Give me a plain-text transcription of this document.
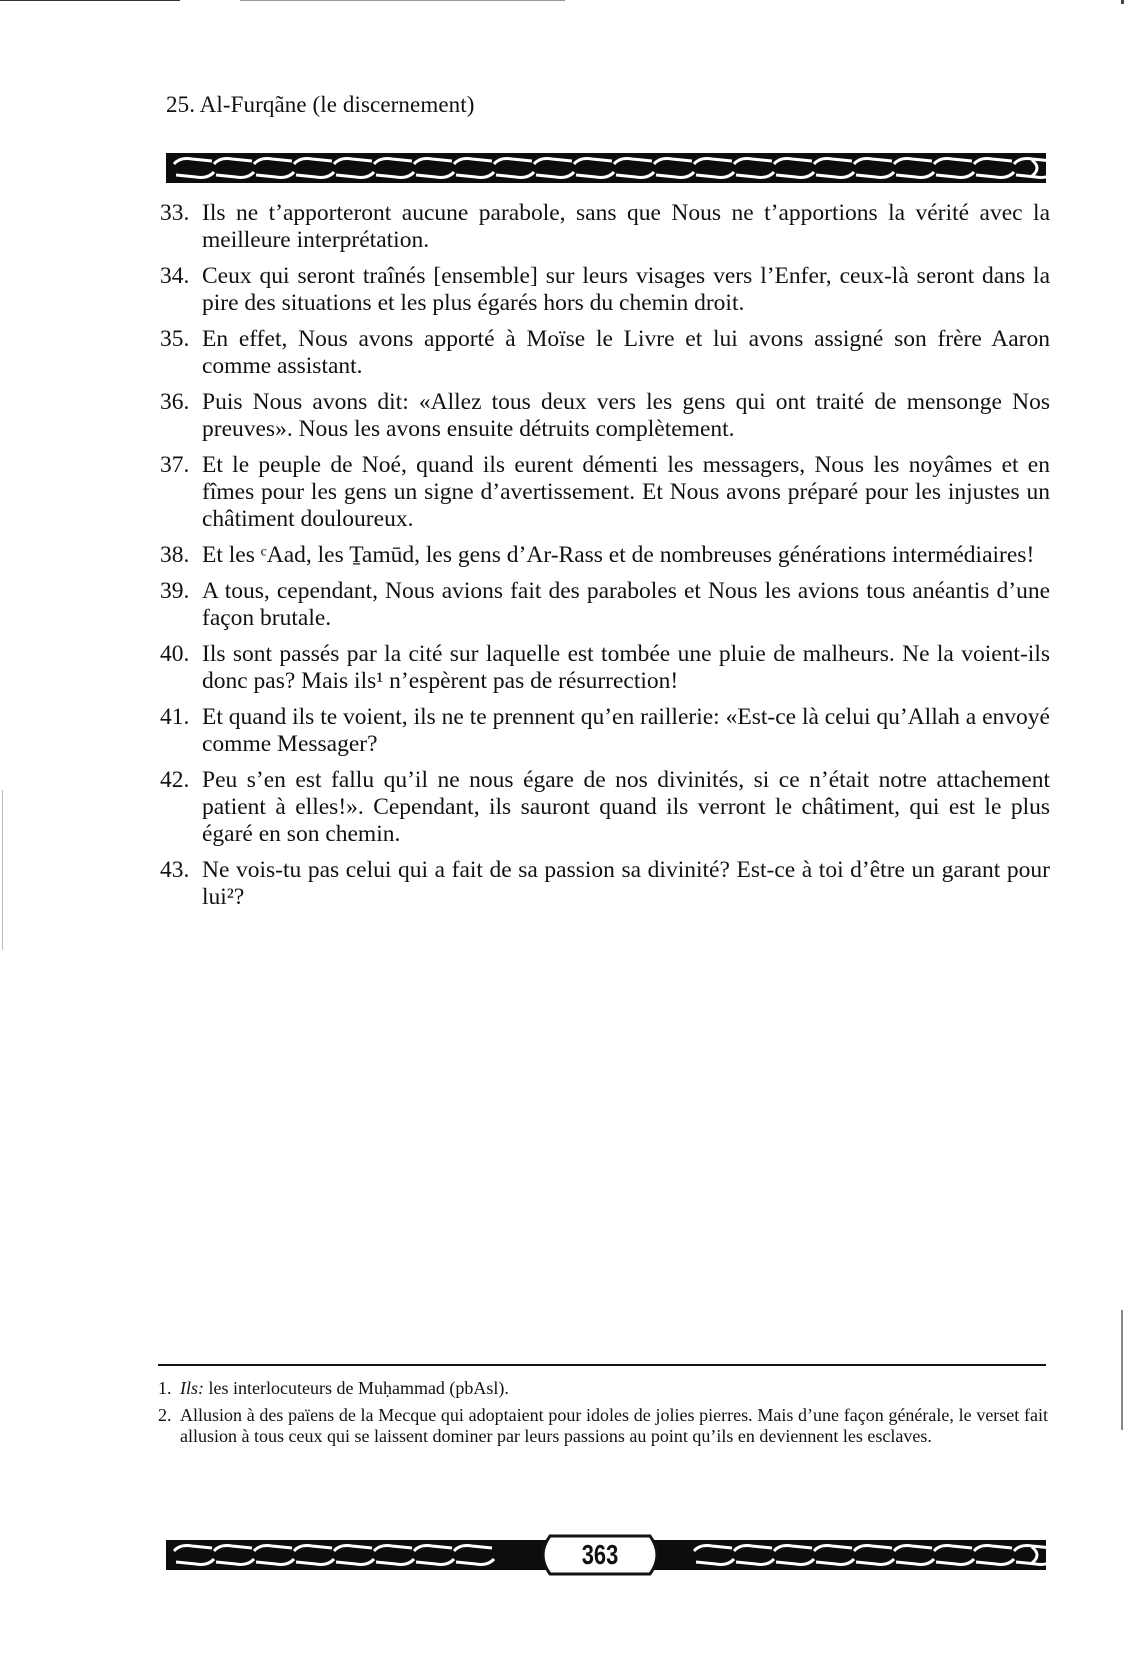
25. Al-Furqãne (le discernement)
33. Ils ne t’apporteront aucune parabole, sans que Nous ne t’apportions la vérité avec la meilleure interprétation.
34. Ceux qui seront traînés [ensemble] sur leurs visages vers l’Enfer, ceux-là seront dans la pire des situations et les plus égarés hors du chemin droit.
35. En effet, Nous avons apporté à Moïse le Livre et lui avons assigné son frère Aaron comme assistant.
36. Puis Nous avons dit: «Allez tous deux vers les gens qui ont traité de mensonge Nos preuves». Nous les avons ensuite détruits complètement.
37. Et le peuple de Noé, quand ils eurent démenti les messagers, Nous les noyâmes et en fîmes pour les gens un signe d’avertissement. Et Nous avons préparé pour les injustes un châtiment douloureux.
38. Et les ᶜAad, les T̠amūd, les gens d’Ar-Rass et de nombreuses générations intermédiaires!
39. A tous, cependant, Nous avions fait des paraboles et Nous les avions tous anéantis d’une façon brutale.
40. Ils sont passés par la cité sur laquelle est tombée une pluie de malheurs. Ne la voient-ils donc pas? Mais ils¹ n’espèrent pas de résurrection!
41. Et quand ils te voient, ils ne te prennent qu’en raillerie: «Est-ce là celui qu’Allah a envoyé comme Messager?
42. Peu s’en est fallu qu’il ne nous égare de nos divinités, si ce n’était notre attachement patient à elles!». Cependant, ils sauront quand ils verront le châtiment, qui est le plus égaré en son chemin.
43. Ne vois-tu pas celui qui a fait de sa passion sa divinité? Est-ce à toi d’être un garant pour lui²?
1. Ils: les interlocuteurs de Muḥammad (pbAsl).
2. Allusion à des païens de la Mecque qui adoptaient pour idoles de jolies pierres. Mais d’une façon générale, le verset fait allusion à tous ceux qui se laissent dominer par leurs passions au point qu’ils en deviennent les esclaves.
363
